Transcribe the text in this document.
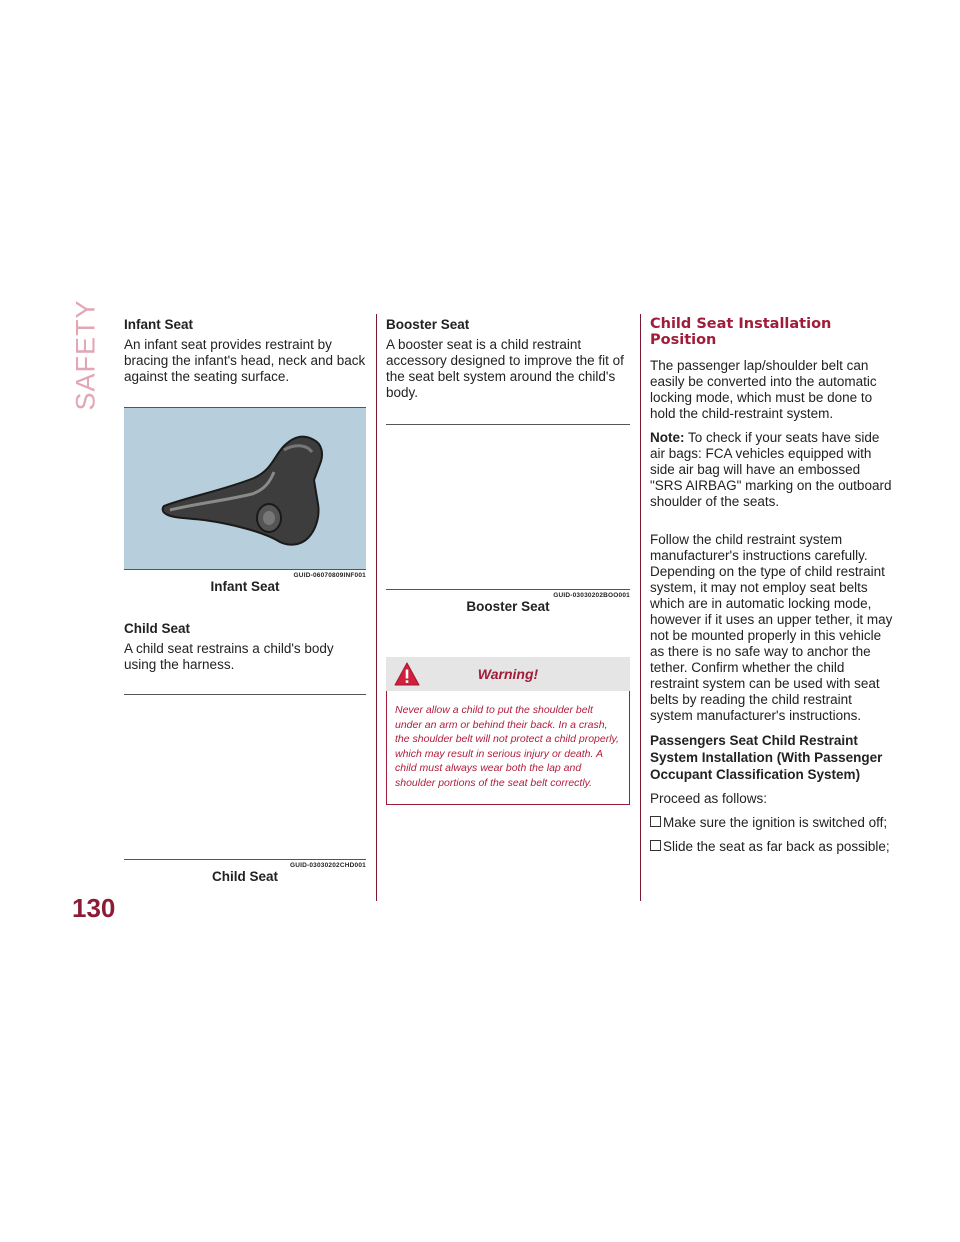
SAFETY
130
Infant Seat

An infant seat provides restraint by bracing the infant's head, neck and back against the seating surface.

GUID-06070809INF001
Infant Seat
Child Seat

A child seat restrains a child's body using the harness.

GUID-03030202CHD001
Child Seat
Booster Seat

A booster seat is a child restraint accessory designed to improve the fit of the seat belt system around the child's body.

GUID-03030202BOO001
Booster Seat
Warning!
Never allow a child to put the shoulder belt under an arm or behind their back. In a crash, the shoulder belt will not protect a child properly, which may result in serious injury or death. A child must always wear both the lap and shoulder portions of the seat belt correctly.
Child Seat Installation Position

The passenger lap/shoulder belt can easily be converted into the automatic locking mode, which must be done to hold the child-restraint system.

Note: To check if your seats have side air bags: FCA vehicles equipped with side air bag will have an embossed "SRS AIRBAG" marking on the outboard shoulder of the seats.

Follow the child restraint system manufacturer's instructions carefully. Depending on the type of child restraint system, it may not employ seat belts which are in automatic locking mode, however if it uses an upper tether, it may not be mounted properly in this vehicle as there is no safe way to anchor the tether. Confirm whether the child restraint system can be used with seat belts by reading the child restraint system manufacturer's instructions.

Passengers Seat Child Restraint System Installation (With Passenger Occupant Classification System)

Proceed as follows:

Make sure the ignition is switched off;

Slide the seat as far back as possible;
